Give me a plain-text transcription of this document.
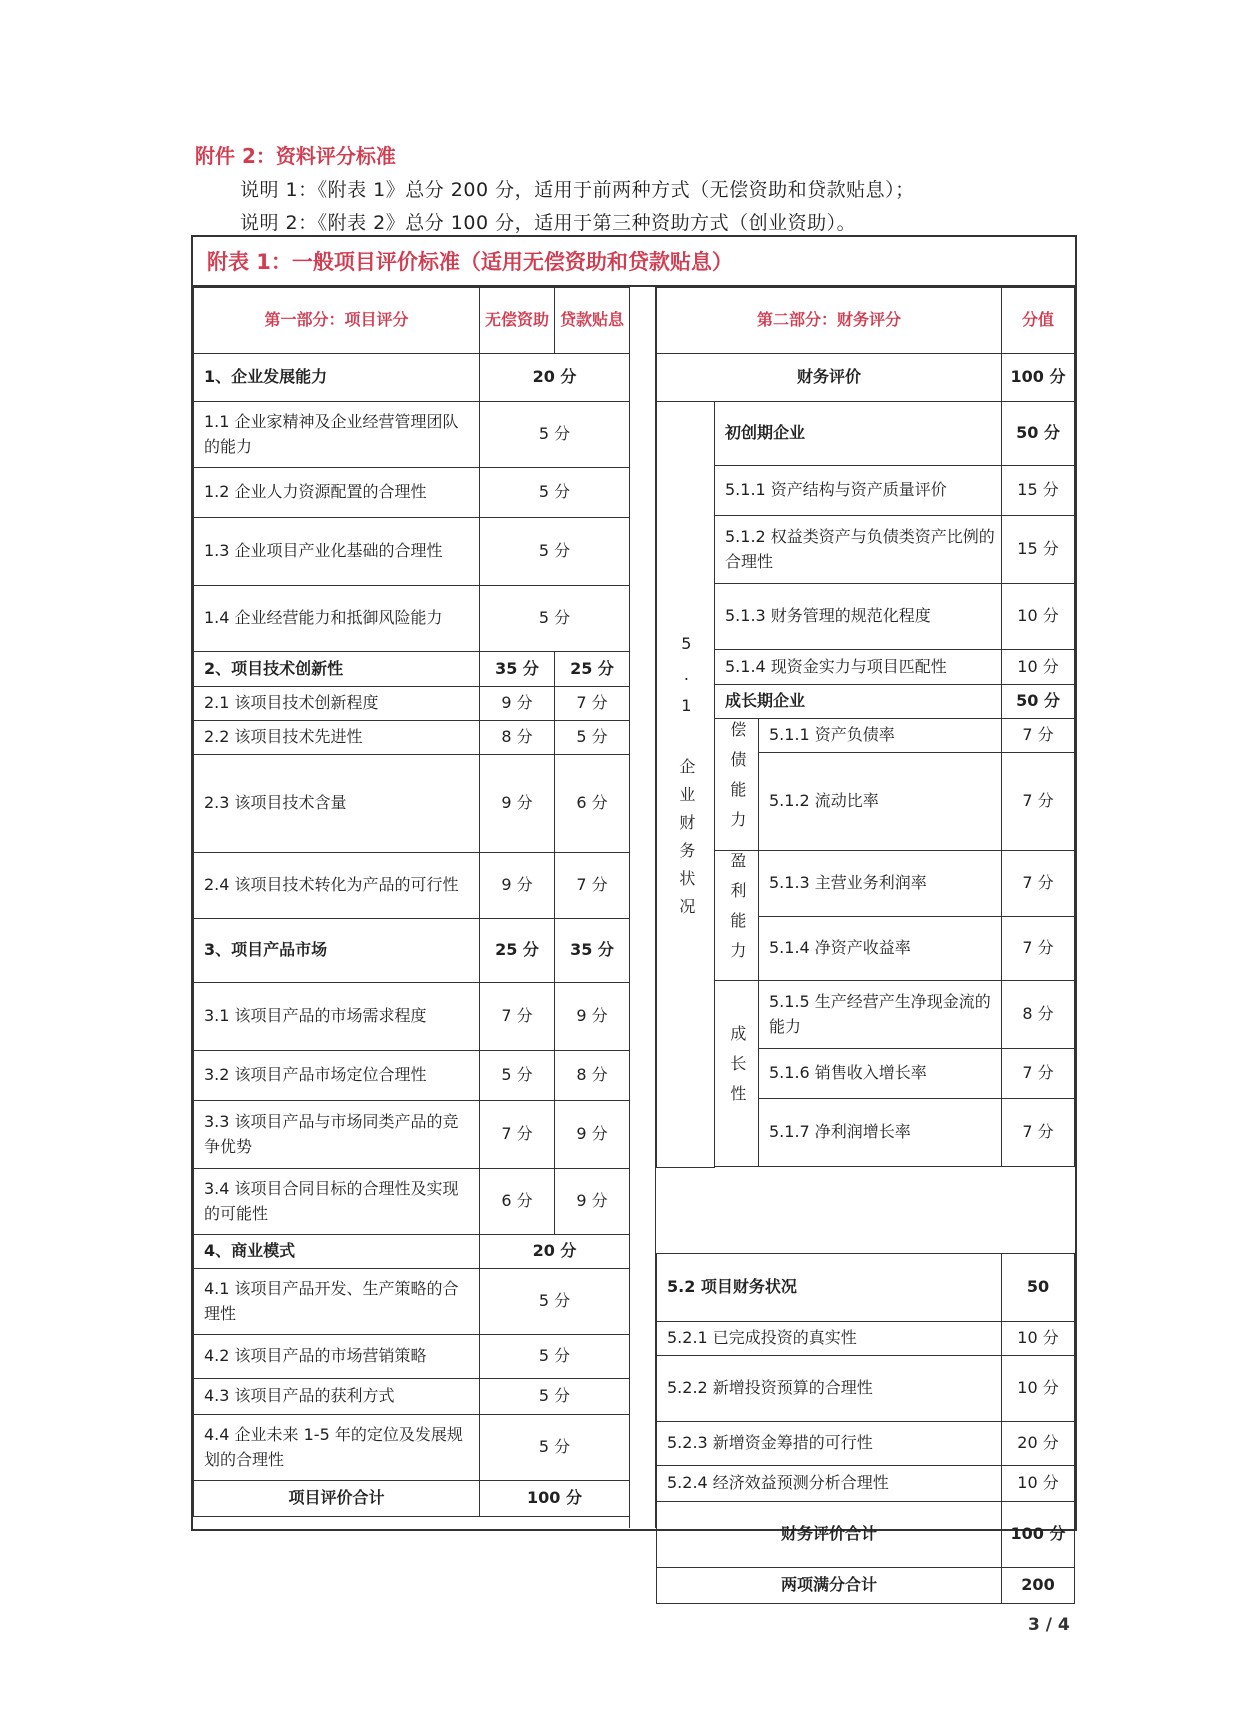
附件 2：资料评分标准
说明 1：《附表 1》总分 200 分，适用于前两种方式（无偿资助和贷款贴息）；
说明 2：《附表 2》总分 100 分，适用于第三种资助方式（创业资助）。
附表 1：一般项目评价标准（适用无偿资助和贷款贴息）
第一部分：项目评分	无偿资助	贷款贴息
1、企业发展能力	20 分	
1.1 企业家精神及企业经营管理团队的能力	5 分	
1.2 企业人力资源配置的合理性	5 分	
1.3 企业项目产业化基础的合理性	5 分	
1.4 企业经营能力和抵御风险能力	5 分	
2、项目技术创新性	35 分	25 分
2.1 该项目技术创新程度	9 分	7 分
2.2 该项目技术先进性	8 分	5 分
2.3 该项目技术含量	9 分	6 分
2.4 该项目技术转化为产品的可行性	9 分	7 分
3、项目产品市场	25 分	35 分
3.1 该项目产品的市场需求程度	7 分	9 分
3.2 该项目产品市场定位合理性	5 分	8 分
3.3 该项目产品与市场同类产品的竞争优势	7 分	9 分
3.4 该项目合同目标的合理性及实现的可能性	6 分	9 分
4、商业模式	20 分	
4.1 该项目产品开发、生产策略的合理性	5 分	
4.2 该项目产品的市场营销策略	5 分	
4.3 该项目产品的获利方式	5 分	
4.4 企业未来 1-5 年的定位及发展规划的合理性	5 分	
项目评价合计	100 分	
第二部分：财务评分			分值
财务评价			100 分
5.1 企业财务状况	初创期企业		50 分
	5.1.1 资产结构与资产质量评价		15 分
	5.1.2 权益类资产与负债类资产比例的合理性		15 分
	5.1.3 财务管理的规范化程度		10 分
	5.1.4 现资金实力与项目匹配性		10 分
	成长期企业		50 分
	偿债能力	5.1.1 资产负债率	7 分
		5.1.2 流动比率	7 分
	盈利能力	5.1.3 主营业务利润率	7 分
		5.1.4 净资产收益率	7 分
	成长性	5.1.5 生产经营产生净现金流的能力	8 分
		5.1.6 销售收入增长率	7 分
		5.1.7 净利润增长率	7 分

5.2 项目财务状况	50
5.2.1 已完成投资的真实性	10 分
5.2.2 新增投资预算的合理性	10 分
5.2.3 新增资金筹措的可行性	20 分
5.2.4 经济效益预测分析合理性	10 分
财务评价合计	100 分
两项满分合计	200
3 / 4
